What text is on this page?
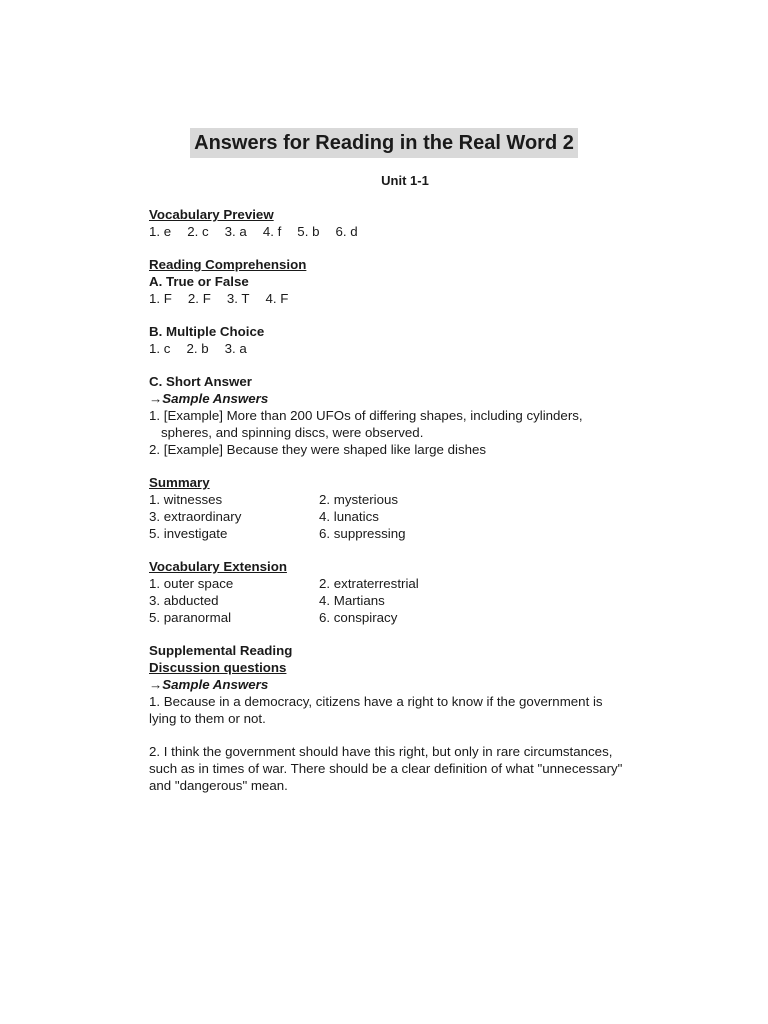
Answers for Reading in the Real Word 2
Unit 1-1
Vocabulary Preview
1. e 2. c 3. a 4. f 5. b 6. d
Reading Comprehension
A. True or False
1. F 2. F 3. T 4. F
B. Multiple Choice
1. c 2. b 3. a
C. Short Answer
→Sample Answers
1. [Example] More than 200 UFOs of differing shapes, including cylinders,
spheres, and spinning discs, were observed.
2. [Example] Because they were shaped like large dishes
Summary
1. witnesses	2. mysterious
3. extraordinary	4. lunatics
5. investigate	6. suppressing
Vocabulary Extension
1. outer space	2. extraterrestrial
3. abducted	4. Martians
5. paranormal	6. conspiracy
Supplemental Reading
Discussion questions
→Sample Answers
1. Because in a democracy, citizens have a right to know if the government is
lying to them or not.
2. I think the government should have this right, but only in rare circumstances,
such as in times of war. There should be a clear definition of what "unnecessary"
and "dangerous" mean.
